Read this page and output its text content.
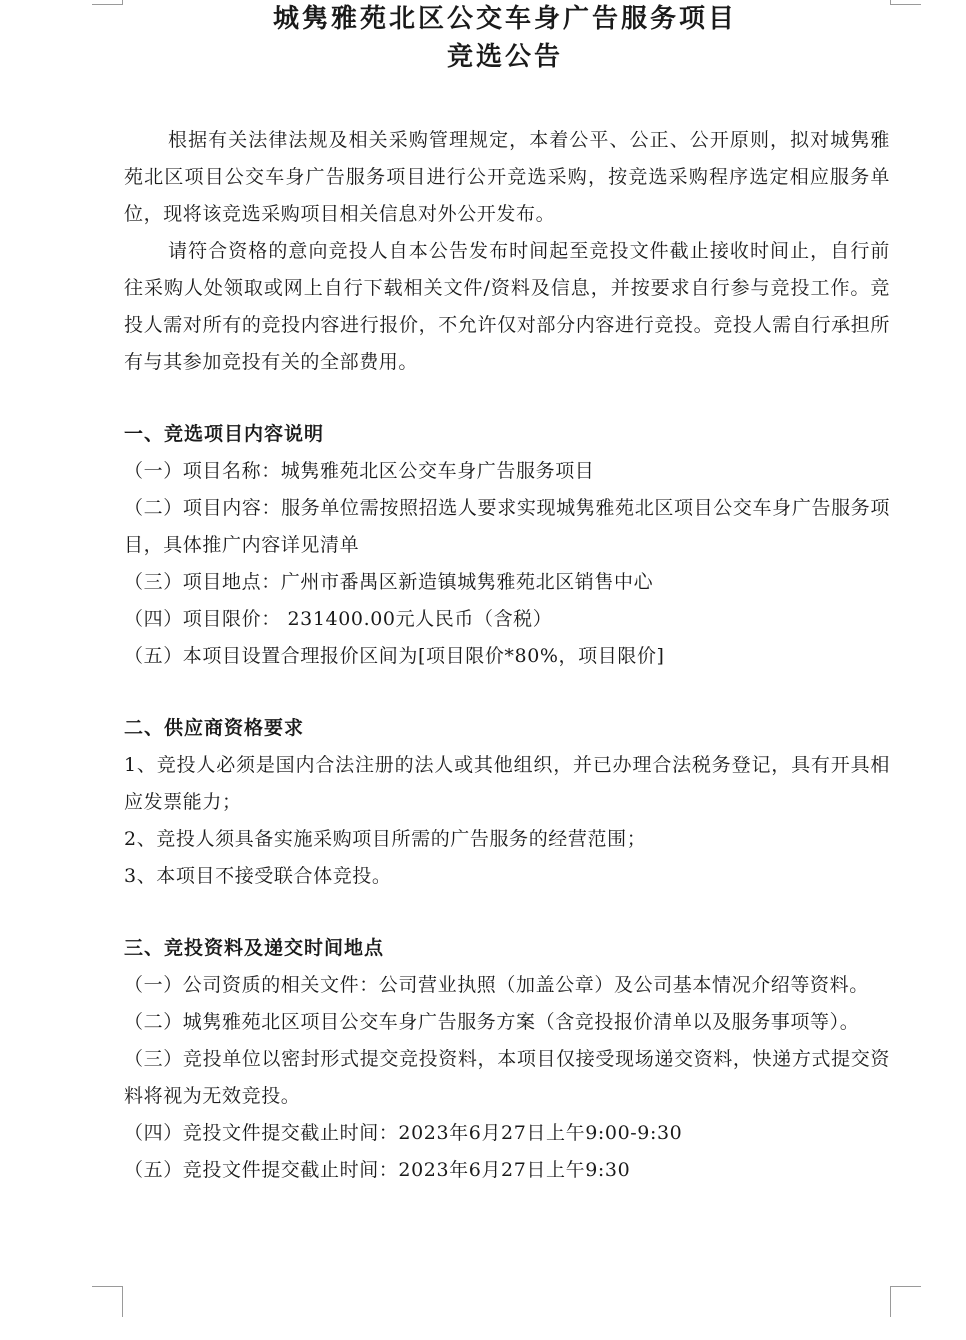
城隽雅苑北区公交车身广告服务项目
竞选公告

根据有关法律法规及相关采购管理规定，本着公平、公正、公开原则，拟对城隽雅苑北区项目公交车身广告服务项目进行公开竞选采购，按竞选采购程序选定相应服务单位，现将该竞选采购项目相关信息对外公开发布。

请符合资格的意向竞投人自本公告发布时间起至竞投文件截止接收时间止，自行前往采购人处领取或网上自行下载相关文件/资料及信息，并按要求自行参与竞投工作。竞投人需对所有的竞投内容进行报价，不允许仅对部分内容进行竞投。竞投人需自行承担所有与其参加竞投有关的全部费用。

一、竞选项目内容说明

（一）项目名称：城隽雅苑北区公交车身广告服务项目

（二）项目内容：服务单位需按照招选人要求实现城隽雅苑北区项目公交车身广告服务项目，具体推广内容详见清单

（三）项目地点：广州市番禺区新造镇城隽雅苑北区销售中心

（四）项目限价： 231400.00元人民币（含税）

（五）本项目设置合理报价区间为[项目限价*80%，项目限价]

二、供应商资格要求

1、竞投人必须是国内合法注册的法人或其他组织，并已办理合法税务登记，具有开具相应发票能力；

2、竞投人须具备实施采购项目所需的广告服务的经营范围；

3、本项目不接受联合体竞投。

三、竞投资料及递交时间地点

（一）公司资质的相关文件：公司营业执照（加盖公章）及公司基本情况介绍等资料。

（二）城隽雅苑北区项目公交车身广告服务方案（含竞投报价清单以及服务事项等）。

（三）竞投单位以密封形式提交竞投资料，本项目仅接受现场递交资料，快递方式提交资料将视为无效竞投。

（四）竞投文件提交截止时间：2023年6月27日上午9:00-9:30

（五）竞投文件提交截止时间：2023年6月27日上午9:30
